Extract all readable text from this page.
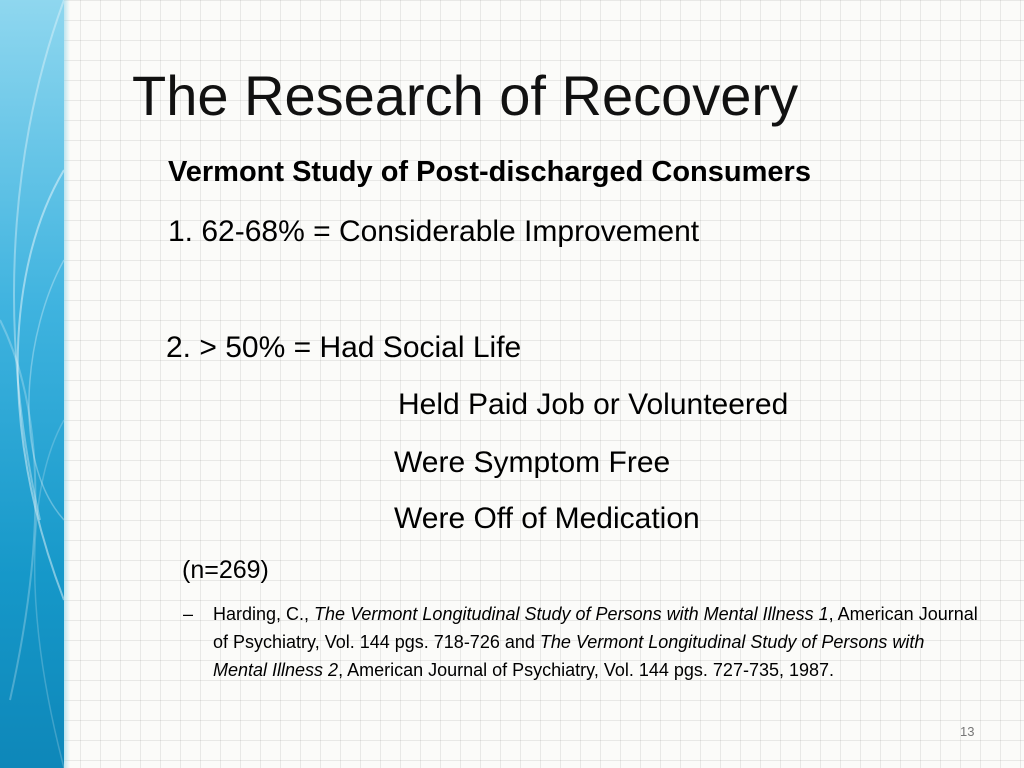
The Research of Recovery
Vermont Study of Post-discharged Consumers
1. 62-68% = Considerable Improvement
2. > 50% = Had Social Life
Held Paid Job or Volunteered
Were Symptom Free
Were Off of Medication
(n=269)
– Harding, C., The Vermont Longitudinal Study of Persons with Mental Illness 1, American Journal of Psychiatry, Vol. 144 pgs. 718-726 and The Vermont Longitudinal Study of Persons with Mental Illness 2, American Journal of Psychiatry, Vol. 144 pgs. 727-735, 1987.
13
